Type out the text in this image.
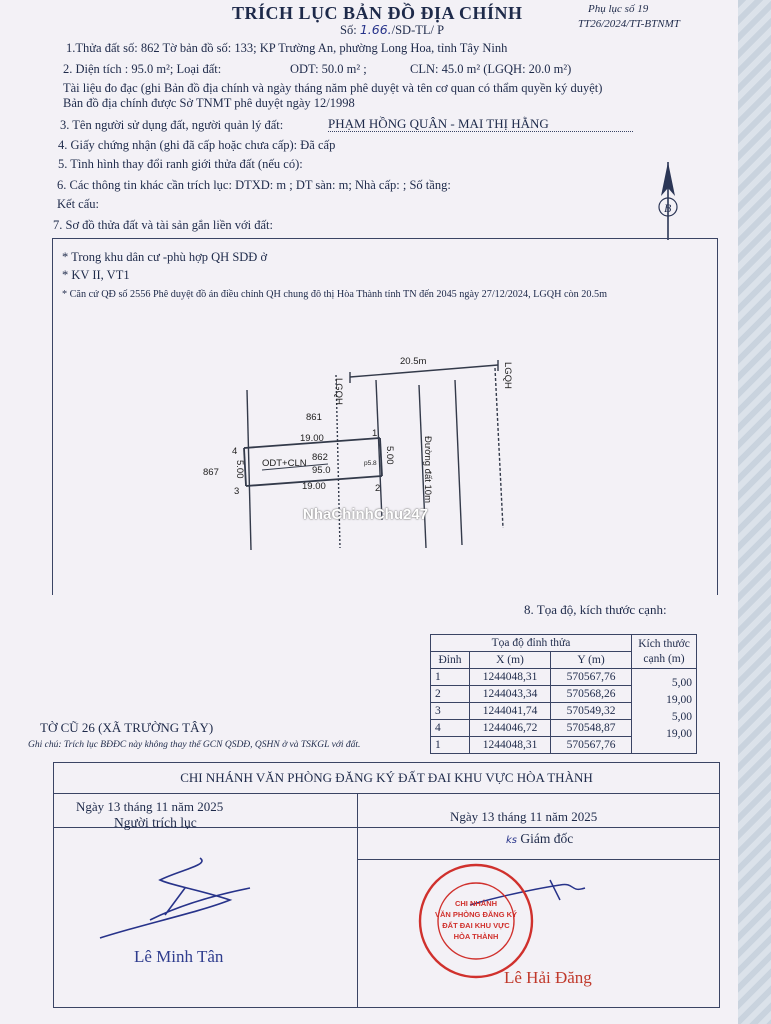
TRÍCH LỤC BẢN ĐỒ ĐỊA CHÍNH	Phụ lục số 19
TT26/2024/TT-BTNMT
Số: 1.66./SD-TL/ P
1.Thửa đất số: 862 Tờ bản đồ số: 133; KP Trường An, phường Long Hoa, tỉnh Tây Ninh
2. Diện tích : 95.0 m²; Loại đất:	ODT: 50.0 m² ;	CLN: 45.0 m² (LGQH: 20.0 m²)
Tài liệu đo đạc (ghi Bản đồ địa chính và ngày tháng năm phê duyệt và tên cơ quan có thẩm quyền ký duyệt)
Bản đồ địa chính được Sở TNMT phê duyệt ngày 12/1998
3. Tên người sử dụng đất, người quản lý đất:	PHẠM HỒNG QUÂN - MAI THỊ HẰNG
4. Giấy chứng nhận (ghi đã cấp hoặc chưa cấp): Đã cấp
5. Tình hình thay đổi ranh giới thửa đất (nếu có):
6. Các thông tin khác cần trích lục: DTXD: m ; DT sàn: m; Nhà cấp: ; Số tầng:
Kết cấu:
7. Sơ đồ thửa đất và tài sản gắn liền với đất:
B
* Trong khu dân cư -phù hợp QH SDĐ ở
* KV II, VT1
* Căn cứ QĐ số 2556 Phê duyệt đồ án điều chỉnh QH chung đô thị Hòa Thành tỉnh TN đến 2045 ngày 27/12/2024, LGQH còn 20.5m
20.5m
LGQH
LGQH
861
867
ODT+CLN
862
95.0
19.00
19.00
5.00
5.00	Đường đất 10m
p5.8
1
2
3
4
NhaChinhChu247
8. Tọa độ, kích thước cạnh:
Tọa độ đỉnh thửa			Kích thước
cạnh (m)
Đỉnh	X (m)	Y (m)	
1	1244048,31	570567,76	5,00
19,00
5,00
19,00

2	1244043,34	570568,26	
3	1244041,74	570549,32	
4	1244046,72	570548,87	
1	1244048,31	570567,76	
TỜ CŨ 26 (XÃ TRƯỜNG TÂY)
Ghi chú: Trích lục BĐĐC này không thay thế GCN QSDĐ, QSHN ở và TSKGL với đất.
CHI NHÁNH VĂN PHÒNG ĐĂNG KÝ ĐẤT ĐAI KHU VỰC HÒA THÀNH
Ngày 13 tháng 11 năm 2025
Người trích lục	Ngày 13 tháng 11 năm 2025
ks Giám đốc
Lê Minh Tân
Lê Hải Đăng
CHI NHÁNH
VĂN PHÒNG ĐĂNG KÝ
ĐẤT ĐAI KHU VỰC
HÒA THÀNH
